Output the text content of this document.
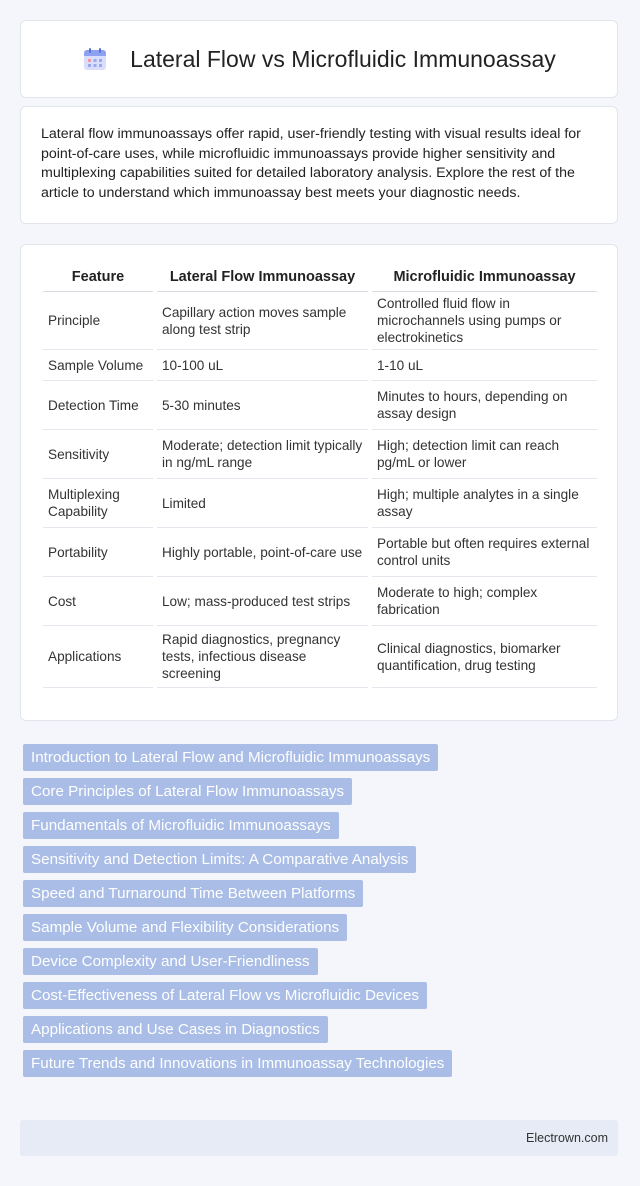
Lateral Flow vs Microfluidic Immunoassay

Lateral flow immunoassays offer rapid, user-friendly testing with visual results ideal for point-of-care uses, while microfluidic immunoassays provide higher sensitivity and multiplexing capabilities suited for detailed laboratory analysis. Explore the rest of the article to understand which immunoassay best meets your diagnostic needs.

Feature	Lateral Flow Immunoassay	Microfluidic Immunoassay
Principle	Capillary action moves sample along test strip	Controlled fluid flow in microchannels using pumps or electrokinetics
Sample Volume	10-100 uL	1-10 uL
Detection Time	5-30 minutes	Minutes to hours, depending on assay design
Sensitivity	Moderate; detection limit typically in ng/mL range	High; detection limit can reach pg/mL or lower
Multiplexing Capability	Limited	High; multiple analytes in a single assay
Portability	Highly portable, point-of-care use	Portable but often requires external control units
Cost	Low; mass-produced test strips	Moderate to high; complex fabrication
Applications	Rapid diagnostics, pregnancy tests, infectious disease screening	Clinical diagnostics, biomarker quantification, drug testing
Introduction to Lateral Flow and Microfluidic Immunoassays
Core Principles of Lateral Flow Immunoassays
Fundamentals of Microfluidic Immunoassays
Sensitivity and Detection Limits: A Comparative Analysis
Speed and Turnaround Time Between Platforms
Sample Volume and Flexibility Considerations
Device Complexity and User-Friendliness
Cost-Effectiveness of Lateral Flow vs Microfluidic Devices
Applications and Use Cases in Diagnostics
Future Trends and Innovations in Immunoassay Technologies
Electrown.com
